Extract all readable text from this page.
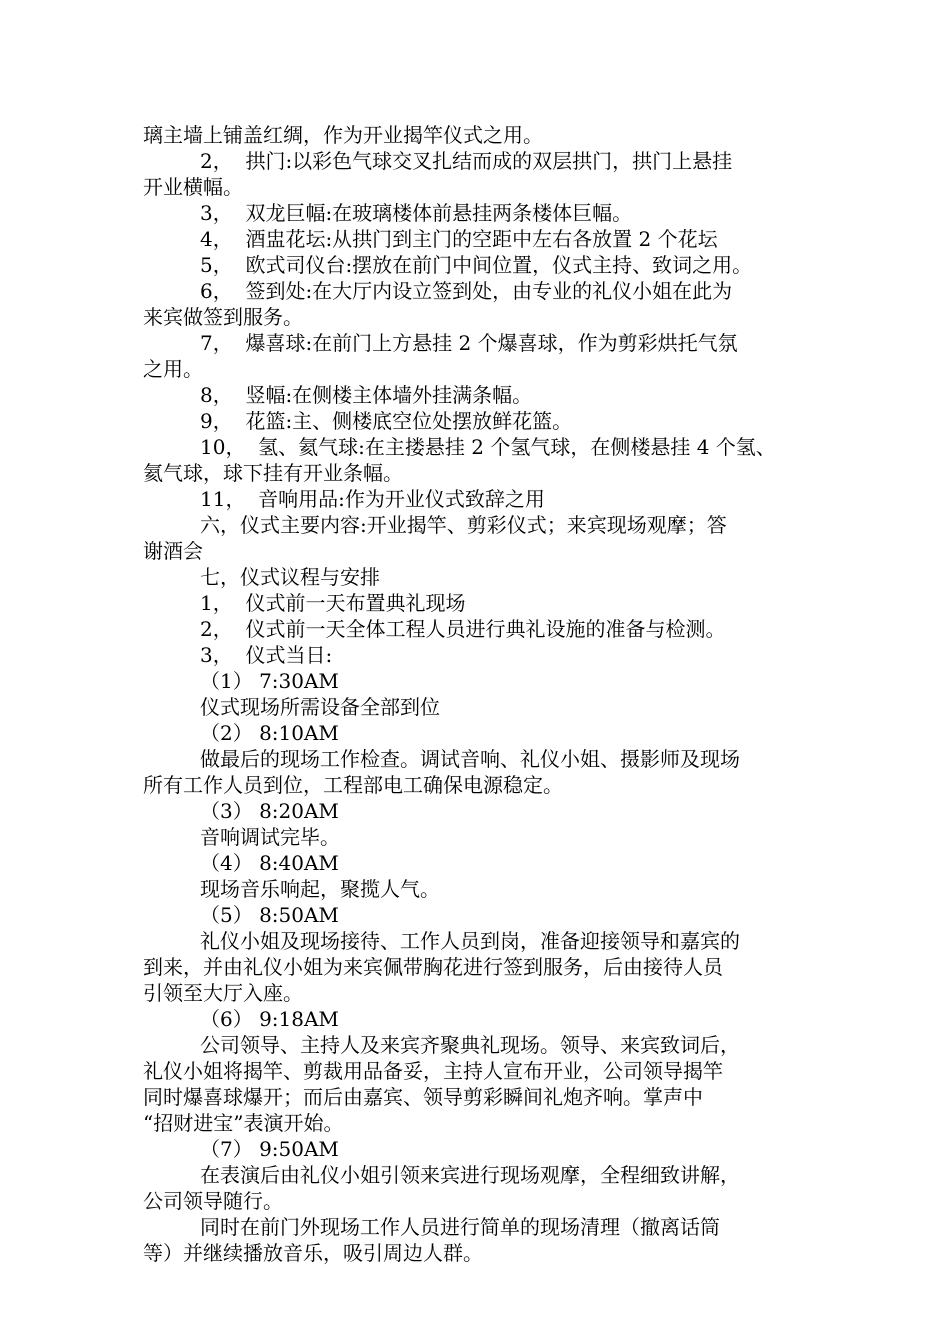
璃主墙上铺盖红绸，作为开业揭竿仪式之用。
2，  拱门:以彩色气球交叉扎结而成的双层拱门，拱门上悬挂
开业横幅。
3，  双龙巨幅:在玻璃楼体前悬挂两条楼体巨幅。
4，  酒盅花坛:从拱门到主门的空距中左右各放置 2 个花坛
5，  欧式司仪台:摆放在前门中间位置，仪式主持、致词之用。
6，  签到处:在大厅内设立签到处，由专业的礼仪小姐在此为
来宾做签到服务。
7，  爆喜球:在前门上方悬挂 2 个爆喜球，作为剪彩烘托气氛
之用。
8，  竖幅:在侧楼主体墙外挂满条幅。
9，  花篮:主、侧楼底空位处摆放鲜花篮。
10，  氢、氦气球:在主搂悬挂 2 个氢气球，在侧楼悬挂 4 个氢、
氦气球，球下挂有开业条幅。
11，  音响用品:作为开业仪式致辞之用
六，仪式主要内容:开业揭竿、剪彩仪式；来宾现场观摩；答
谢酒会
七，仪式议程与安排
1，  仪式前一天布置典礼现场
2，  仪式前一天全体工程人员进行典礼设施的准备与检测。
3，  仪式当日:
（1） 7:30AM
仪式现场所需设备全部到位
（2） 8:10AM
做最后的现场工作检查。调试音响、礼仪小姐、摄影师及现场
所有工作人员到位，工程部电工确保电源稳定。
（3） 8:20AM
音响调试完毕。
（4） 8:40AM
现场音乐响起，聚揽人气。
（5） 8:50AM
礼仪小姐及现场接待、工作人员到岗，准备迎接领导和嘉宾的
到来，并由礼仪小姐为来宾佩带胸花进行签到服务，后由接待人员
引领至大厅入座。
（6） 9:18AM
公司领导、主持人及来宾齐聚典礼现场。领导、来宾致词后，
礼仪小姐将揭竿、剪裁用品备妥，主持人宣布开业，公司领导揭竿
同时爆喜球爆开；而后由嘉宾、领导剪彩瞬间礼炮齐响。掌声中
“招财进宝”表演开始。
（7） 9:50AM
在表演后由礼仪小姐引领来宾进行现场观摩，全程细致讲解，
公司领导随行。
同时在前门外现场工作人员进行简单的现场清理（撤离话筒
等）并继续播放音乐，吸引周边人群。
